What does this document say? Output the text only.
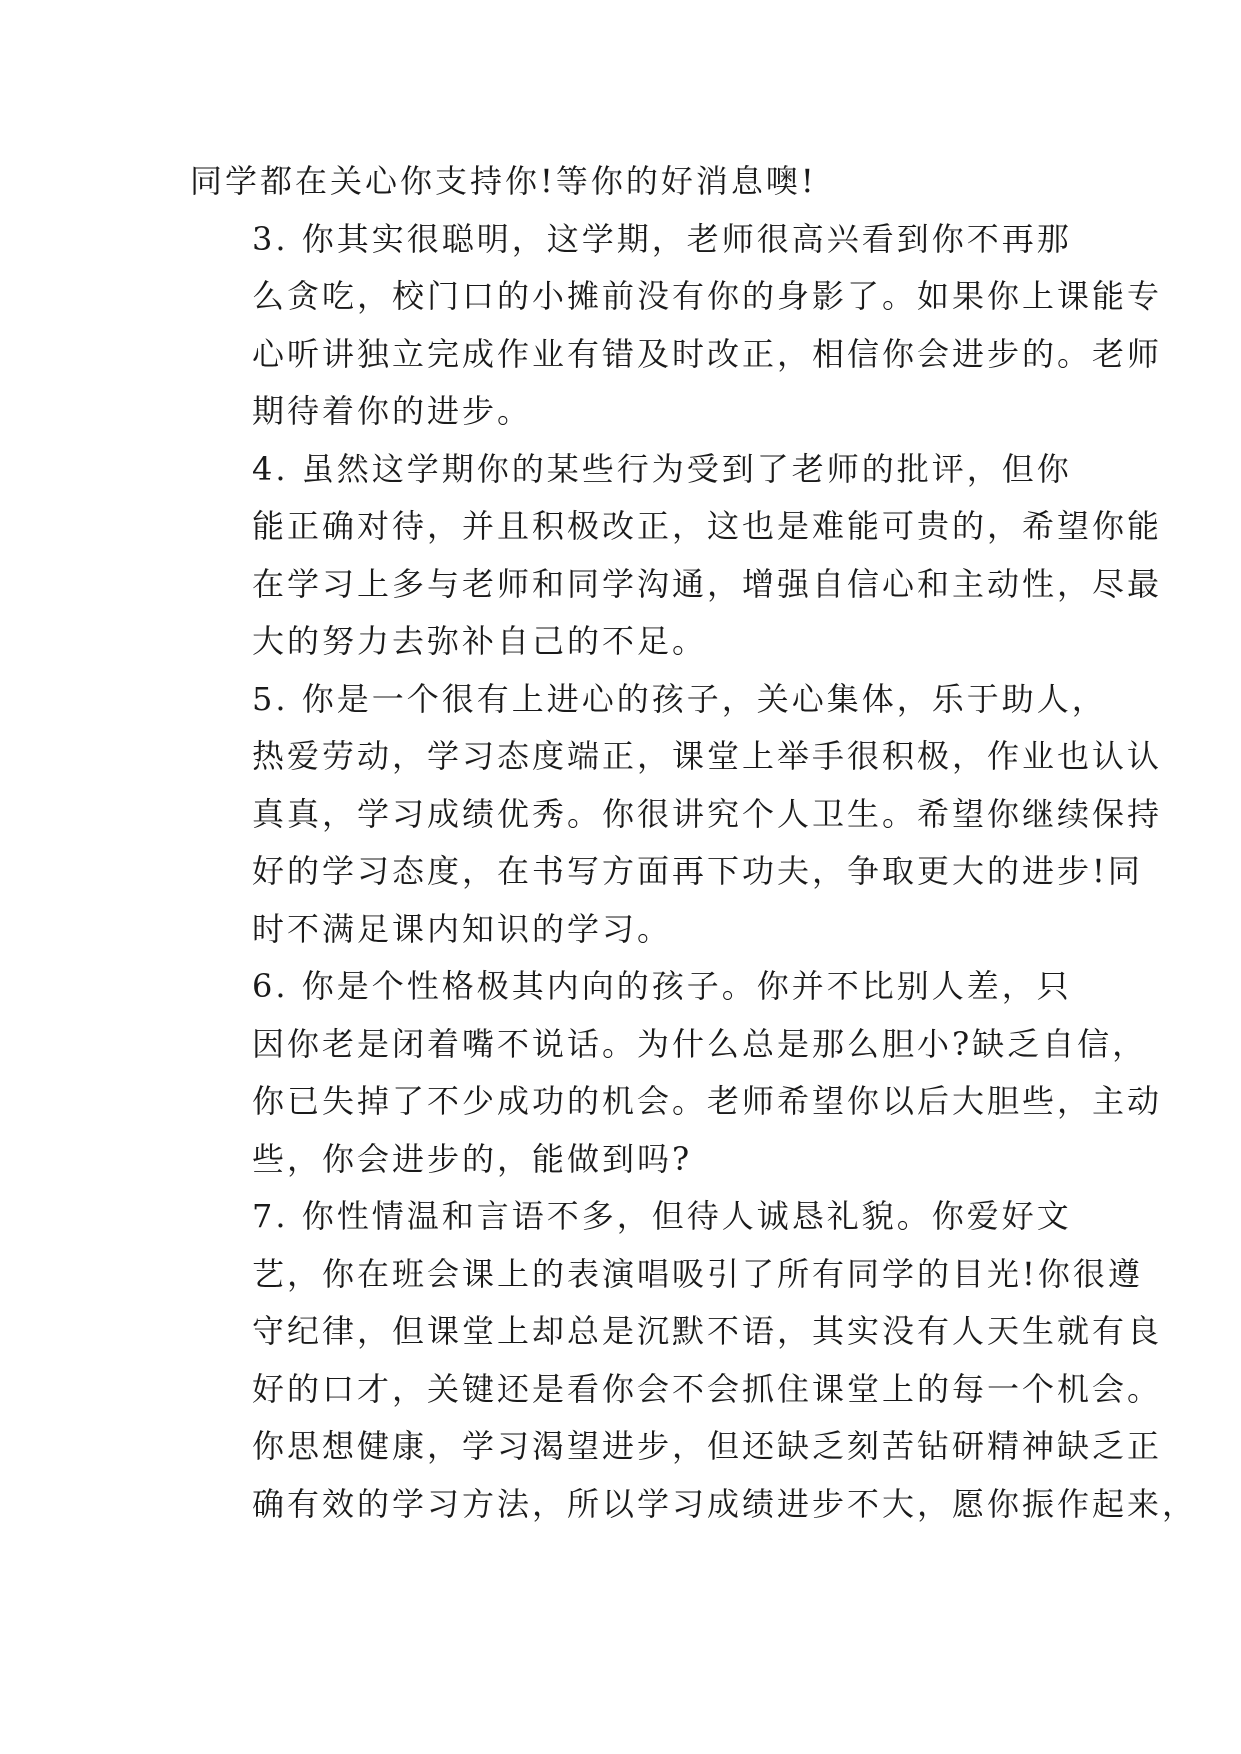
同学都在关心你支持你!等你的好消息噢!

3. 你其实很聪明，这学期，老师很高兴看到你不再那
么贪吃，校门口的小摊前没有你的身影了。如果你上课能专
心听讲独立完成作业有错及时改正，相信你会进步的。老师
期待着你的进步。

4. 虽然这学期你的某些行为受到了老师的批评，但你
能正确对待，并且积极改正，这也是难能可贵的，希望你能
在学习上多与老师和同学沟通，增强自信心和主动性，尽最
大的努力去弥补自己的不足。

5. 你是一个很有上进心的孩子，关心集体，乐于助人，
热爱劳动，学习态度端正，课堂上举手很积极，作业也认认
真真，学习成绩优秀。你很讲究个人卫生。希望你继续保持
好的学习态度，在书写方面再下功夫，争取更大的进步!同
时不满足课内知识的学习。

6. 你是个性格极其内向的孩子。你并不比别人差，只
因你老是闭着嘴不说话。为什么总是那么胆小?缺乏自信，
你已失掉了不少成功的机会。老师希望你以后大胆些，主动
些，你会进步的，能做到吗?

7. 你性情温和言语不多，但待人诚恳礼貌。你爱好文
艺，你在班会课上的表演唱吸引了所有同学的目光!你很遵
守纪律，但课堂上却总是沉默不语，其实没有人天生就有良
好的口才，关键还是看你会不会抓住课堂上的每一个机会。
你思想健康，学习渴望进步，但还缺乏刻苦钻研精神缺乏正
确有效的学习方法，所以学习成绩进步不大，愿你振作起来，
